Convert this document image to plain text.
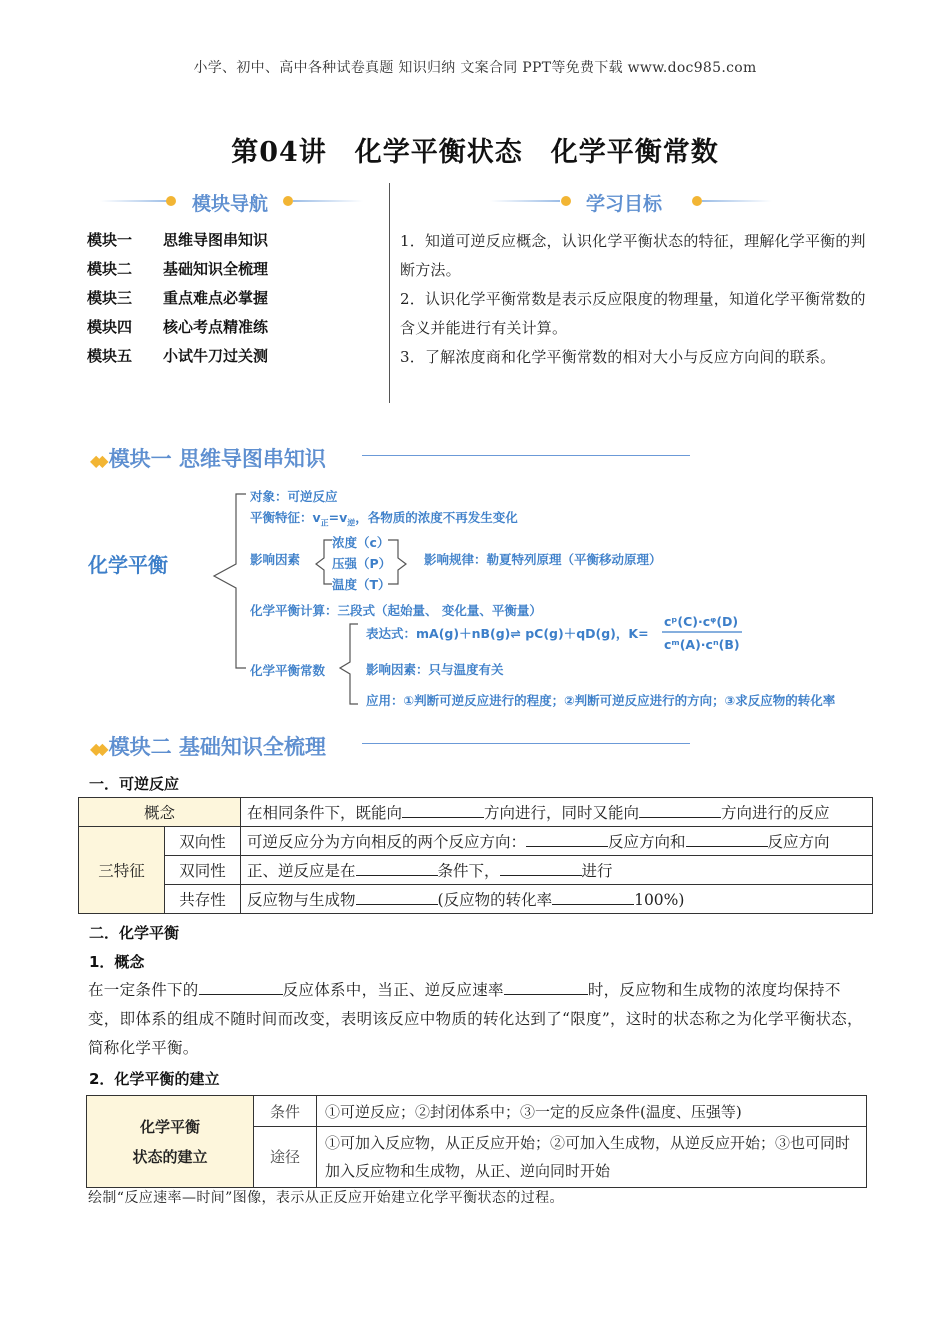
小学、初中、高中各种试卷真题 知识归纳 文案合同 PPT等免费下载 www.doc985.com
第04讲 化学平衡状态 化学平衡常数
模块导航
模块一 思维导图串知识
模块二 基础知识全梳理
模块三 重点难点必掌握
模块四 核心考点精准练
模块五 小试牛刀过关测
学习目标

1．知道可逆反应概念，认识化学平衡状态的特征，理解化学平衡的判断方法。

2．认识化学平衡常数是表示反应限度的物理量，知道化学平衡常数的含义并能进行有关计算。

3．了解浓度商和化学平衡常数的相对大小与反应方向间的联系。

◆◆ 模块一 思维导图串知识
化学平衡
对象：可逆反应
平衡特征：$v_正=v_逆$，各物质的浓度不再发生变化
影响因素
浓度（c）
压强（P）
温度（T）
影响规律：勒夏特列原理（平衡移动原理）
化学平衡计算：三段式（起始量、 变化量、平衡量）
化学平衡常数
表达式：mA(g)＋nB(g)⇌ pC(g)＋qD(g)，K=
cᵖ(C)·cᵠ(D)
cᵐ(A)·cⁿ(B)
影响因素：只与温度有关
应用：①判断可逆反应进行的程度；②判断可逆反应进行的方向；③求反应物的转化率
◆◆ 模块二 基础知识全梳理
一．可逆反应
概念		在相同条件下，既能向 方向进行，同时又能向 方向进行的反应
三特征	双向性	可逆反应分为方向相反的两个反应方向： 反应方向和 反应方向
	双同性	正、逆反应是在 条件下， 进行
	共存性	反应物与生成物 (反应物的转化率 100%)
二．化学平衡
1．概念
在一定条件下的	反应体系中，当正、逆反应速率	时，反应物和生成物的浓度均保持不变，即体系的组成不随时间而改变，表明该反应中物质的转化达到了“限度”，这时的状态称之为化学平衡状态，简称化学平衡。
2．化学平衡的建立
化学平衡
状态的建立	条件	①可逆反应；②封闭体系中；③一定的反应条件(温度、压强等)
	途径	①可加入反应物，从正反应开始；②可加入生成物，从逆反应开始；③也可同时加入反应物和生成物，从正、逆向同时开始
绘制“反应速率—时间”图像，表示从正反应开始建立化学平衡状态的过程。
